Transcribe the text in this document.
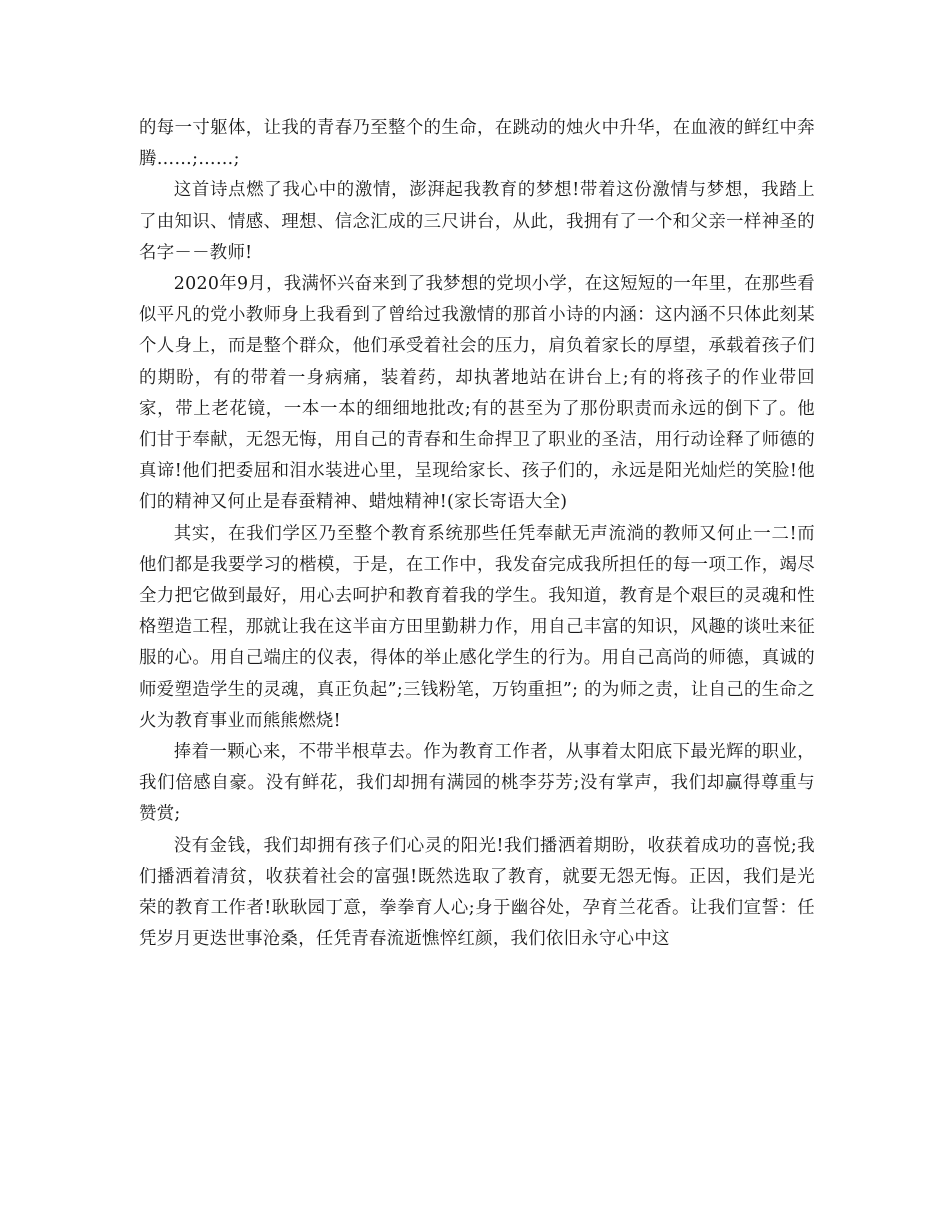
的每一寸躯体，让我的青春乃至整个的生命，在跳动的烛火中升华，在血液的鲜红中奔腾……;……;

这首诗点燃了我心中的激情，澎湃起我教育的梦想!带着这份激情与梦想，我踏上了由知识、情感、理想、信念汇成的三尺讲台，从此，我拥有了一个和父亲一样神圣的名字－－教师!

2020年9月，我满怀兴奋来到了我梦想的党坝小学，在这短短的一年里，在那些看似平凡的党小教师身上我看到了曾给过我激情的那首小诗的内涵：这内涵不只体此刻某个人身上，而是整个群众，他们承受着社会的压力，肩负着家长的厚望，承载着孩子们的期盼，有的带着一身病痛，装着药，却执著地站在讲台上;有的将孩子的作业带回家，带上老花镜，一本一本的细细地批改;有的甚至为了那份职责而永远的倒下了。他们甘于奉献，无怨无悔，用自己的青春和生命捍卫了职业的圣洁，用行动诠释了师德的真谛!他们把委屈和泪水装进心里，呈现给家长、孩子们的，永远是阳光灿烂的笑脸!他们的精神又何止是春蚕精神、蜡烛精神!(家长寄语大全)

其实，在我们学区乃至整个教育系统那些任凭奉献无声流淌的教师又何止一二!而他们都是我要学习的楷模，于是，在工作中，我发奋完成我所担任的每一项工作，竭尽全力把它做到最好，用心去呵护和教育着我的学生。我知道，教育是个艰巨的灵魂和性格塑造工程，那就让我在这半亩方田里勤耕力作，用自己丰富的知识，风趣的谈吐来征服的心。用自己端庄的仪表，得体的举止感化学生的行为。用自己高尚的师德，真诚的师爱塑造学生的灵魂，真正负起”;三钱粉笔，万钧重担”; 的为师之责，让自己的生命之火为教育事业而熊熊燃烧!

捧着一颗心来，不带半根草去。作为教育工作者，从事着太阳底下最光辉的职业，我们倍感自豪。没有鲜花，我们却拥有满园的桃李芬芳;没有掌声，我们却赢得尊重与赞赏;

没有金钱，我们却拥有孩子们心灵的阳光!我们播洒着期盼，收获着成功的喜悦;我们播洒着清贫，收获着社会的富强!既然选取了教育，就要无怨无悔。正因，我们是光荣的教育工作者!耿耿园丁意，拳拳育人心;身于幽谷处，孕育兰花香。让我们宣誓：任凭岁月更迭世事沧桑，任凭青春流逝憔悴红颜，我们依旧永守心中这
